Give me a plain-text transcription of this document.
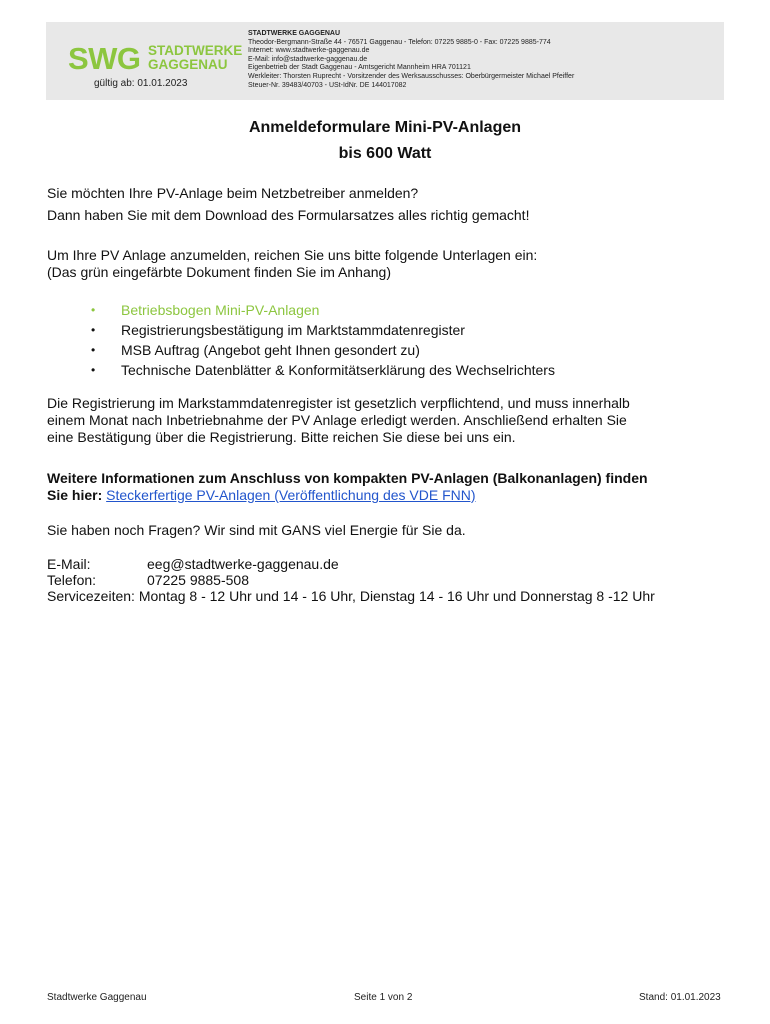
SWG STADTWERKE
GAGGENAU
gültig ab: 01.01.2023
STADTWERKE GAGGENAU
Theodor-Bergmann-Straße 44 - 76571 Gaggenau - Telefon: 07225 9885-0 - Fax: 07225 9885-774
Internet: www.stadtwerke-gaggenau.de
E-Mail: info@stadtwerke-gaggenau.de
Eigenbetrieb der Stadt Gaggenau - Amtsgericht Mannheim HRA 701121
Werkleiter: Thorsten Ruprecht - Vorsitzender des Werksausschusses: Oberbürgermeister Michael Pfeiffer
Steuer-Nr. 39483/40703 - USt-IdNr. DE 144017082
Anmeldeformulare Mini-PV-Anlagen
bis 600 Watt
Sie möchten Ihre PV-Anlage beim Netzbetreiber anmelden?
Dann haben Sie mit dem Download des Formularsatzes alles richtig gemacht!
Um Ihre PV Anlage anzumelden, reichen Sie uns bitte folgende Unterlagen ein:
(Das grün eingefärbte Dokument finden Sie im Anhang)
• Betriebsbogen Mini-PV-Anlagen
• Registrierungsbestätigung im Marktstammdatenregister
• MSB Auftrag (Angebot geht Ihnen gesondert zu)
• Technische Datenblätter & Konformitätserklärung des Wechselrichters
Die Registrierung im Markstammdatenregister ist gesetzlich verpflichtend, und muss innerhalb
einem Monat nach Inbetriebnahme der PV Anlage erledigt werden. Anschließend erhalten Sie
eine Bestätigung über die Registrierung. Bitte reichen Sie diese bei uns ein.
Weitere Informationen zum Anschluss von kompakten PV-Anlagen (Balkonanlagen) finden
Sie hier: Steckerfertige PV-Anlagen (Veröffentlichung des VDE FNN)
Sie haben noch Fragen? Wir sind mit GANS viel Energie für Sie da.
E-Mail:	eeg@stadtwerke-gaggenau.de
Telefon:	07225 9885-508
Servicezeiten: Montag 8 - 12 Uhr und 14 - 16 Uhr, Dienstag 14 - 16 Uhr und Donnerstag 8 -12 Uhr
Stadtwerke Gaggenau	Seite 1 von 2	Stand: 01.01.2023
